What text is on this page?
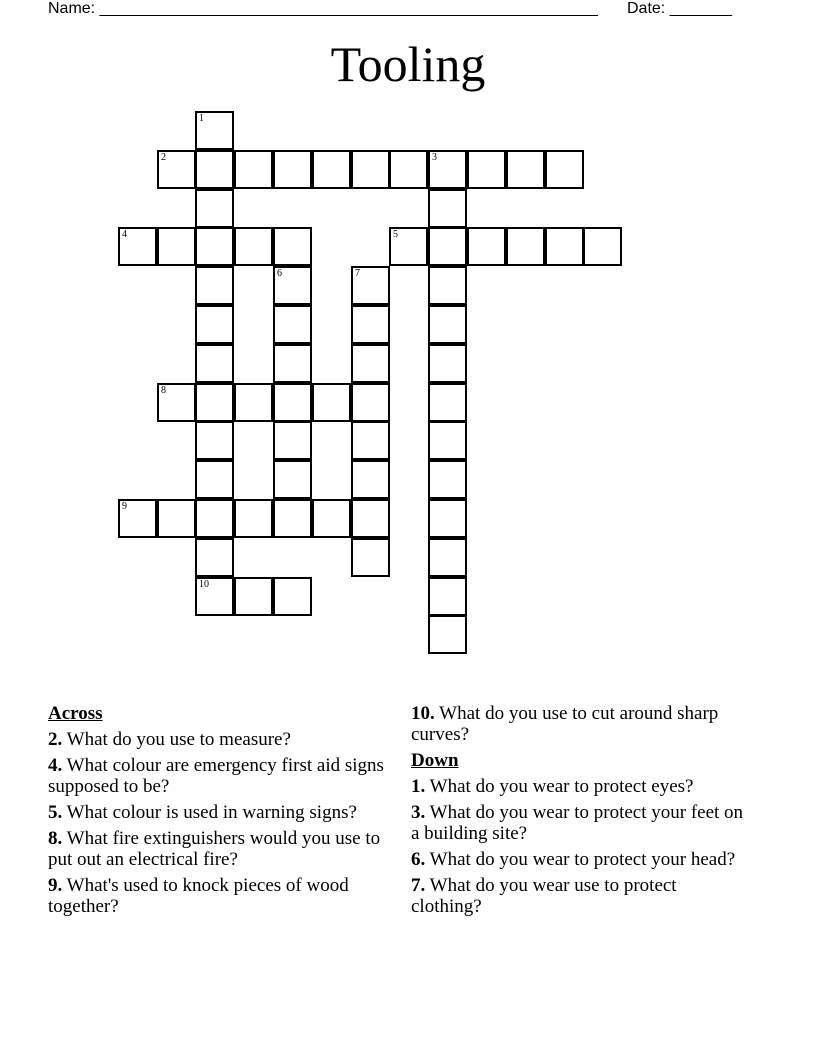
Name: ________________________________________________________ Date: _______
Tooling
1
2	3
4	5
6	7
8
9
10
Across
2. What do you use to measure?
4. What colour are emergency first aid signs supposed to be?
5. What colour is used in warning signs?
8. What fire extinguishers would you use to put out an electrical fire?
9. What's used to knock pieces of wood together?
10. What do you use to cut around sharp curves?
Down
1. What do you wear to protect eyes?
3. What do you wear to protect your feet on a building site?
6. What do you wear to protect your head?
7. What do you wear use to protect clothing?
